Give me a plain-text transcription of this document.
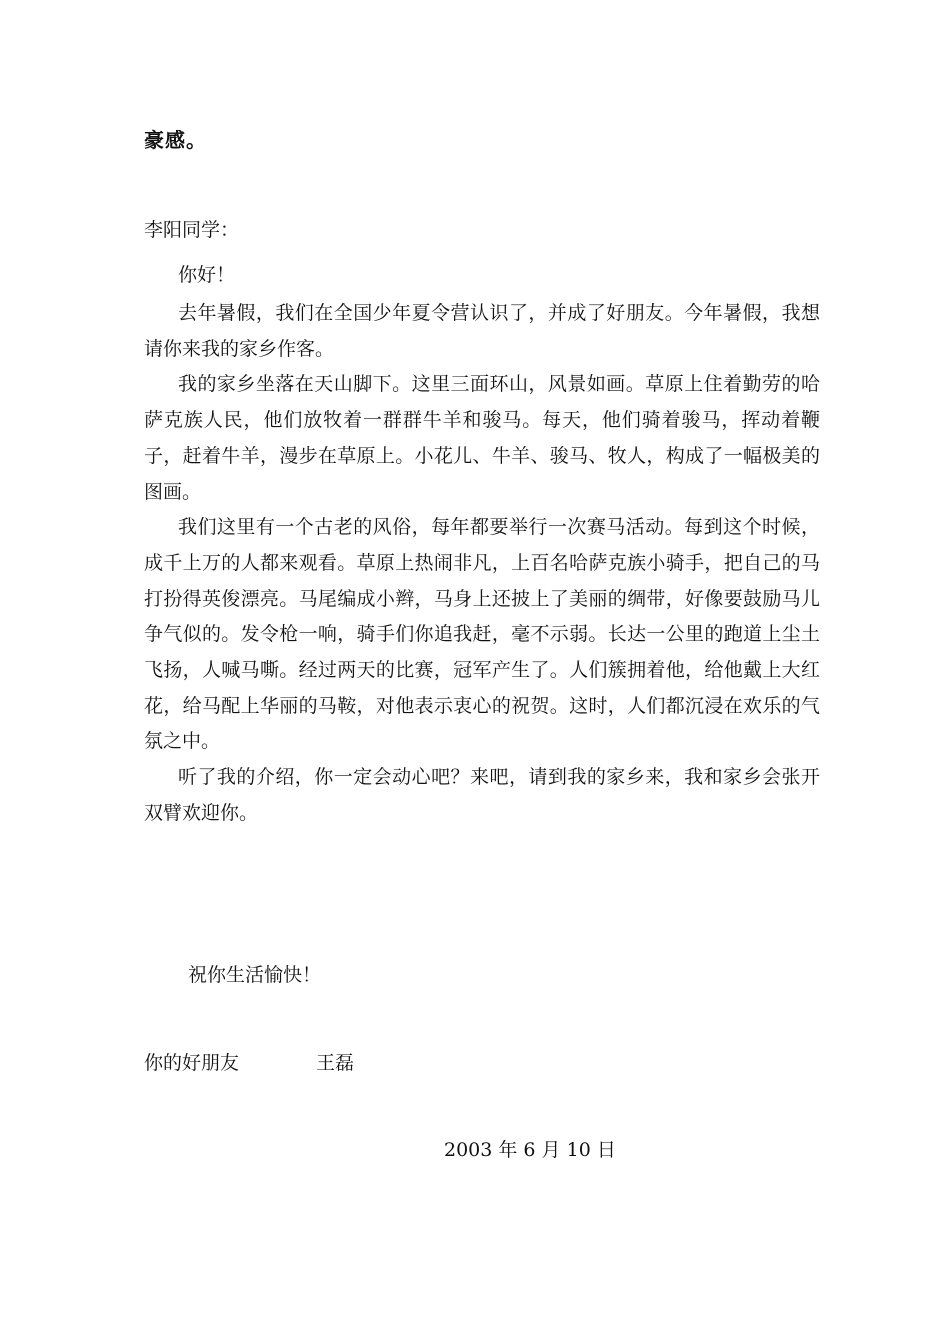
豪感。
李阳同学：
你好！

去年暑假，我们在全国少年夏令营认识了，并成了好朋友。今年暑假，我想请你来我的家乡作客。

我的家乡坐落在天山脚下。这里三面环山，风景如画。草原上住着勤劳的哈萨克族人民，他们放牧着一群群牛羊和骏马。每天，他们骑着骏马，挥动着鞭子，赶着牛羊，漫步在草原上。小花儿、牛羊、骏马、牧人，构成了一幅极美的图画。

我们这里有一个古老的风俗，每年都要举行一次赛马活动。每到这个时候，成千上万的人都来观看。草原上热闹非凡，上百名哈萨克族小骑手，把自己的马打扮得英俊漂亮。马尾编成小辫，马身上还披上了美丽的绸带，好像要鼓励马儿争气似的。发令枪一响，骑手们你追我赶，毫不示弱。长达一公里的跑道上尘土飞扬，人喊马嘶。经过两天的比赛，冠军产生了。人们簇拥着他，给他戴上大红花，给马配上华丽的马鞍，对他表示衷心的祝贺。这时，人们都沉浸在欢乐的气氛之中。

听了我的介绍，你一定会动心吧？来吧，请到我的家乡来，我和家乡会张开双臂欢迎你。

祝你生活愉快！
你的好朋友	王磊
2003 年 6 月 10 日
